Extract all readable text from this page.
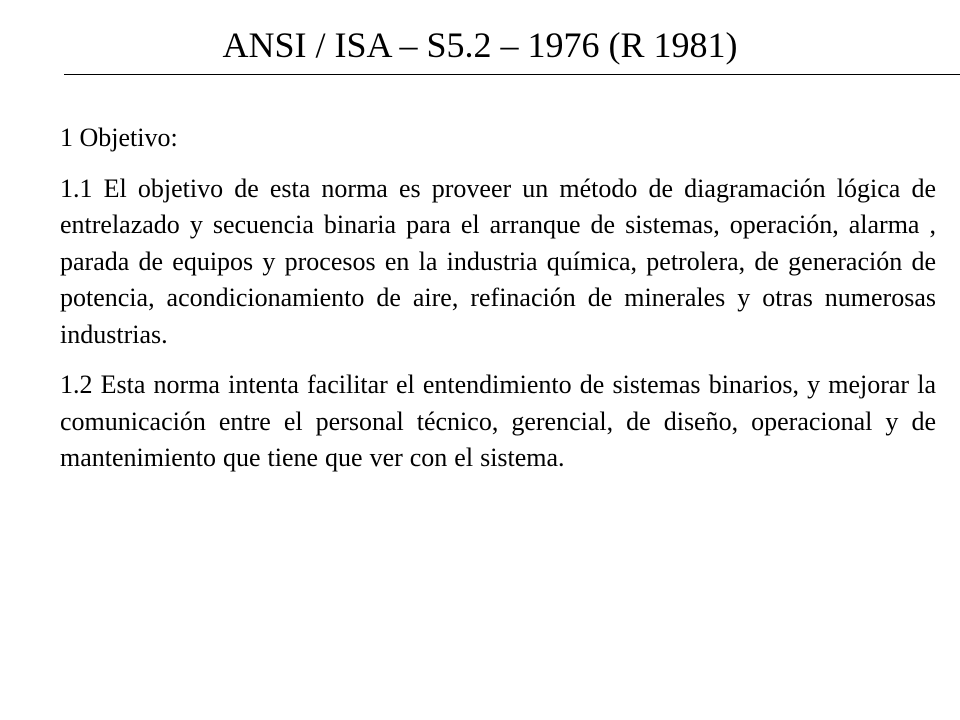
ANSI / ISA – S5.2 – 1976 (R 1981)

1 Objetivo:

1.1 El objetivo de esta norma es proveer un método de diagramación lógica de entrelazado y secuencia binaria para el arranque de sistemas, operación, alarma , parada de equipos y procesos en la industria química, petrolera, de generación de potencia, acondicionamiento de aire, refinación de minerales y otras numerosas industrias.

1.2 Esta norma intenta facilitar el entendimiento de sistemas binarios, y mejorar la comunicación entre el personal técnico, gerencial, de diseño, operacional y de mantenimiento que tiene que ver con el sistema.
